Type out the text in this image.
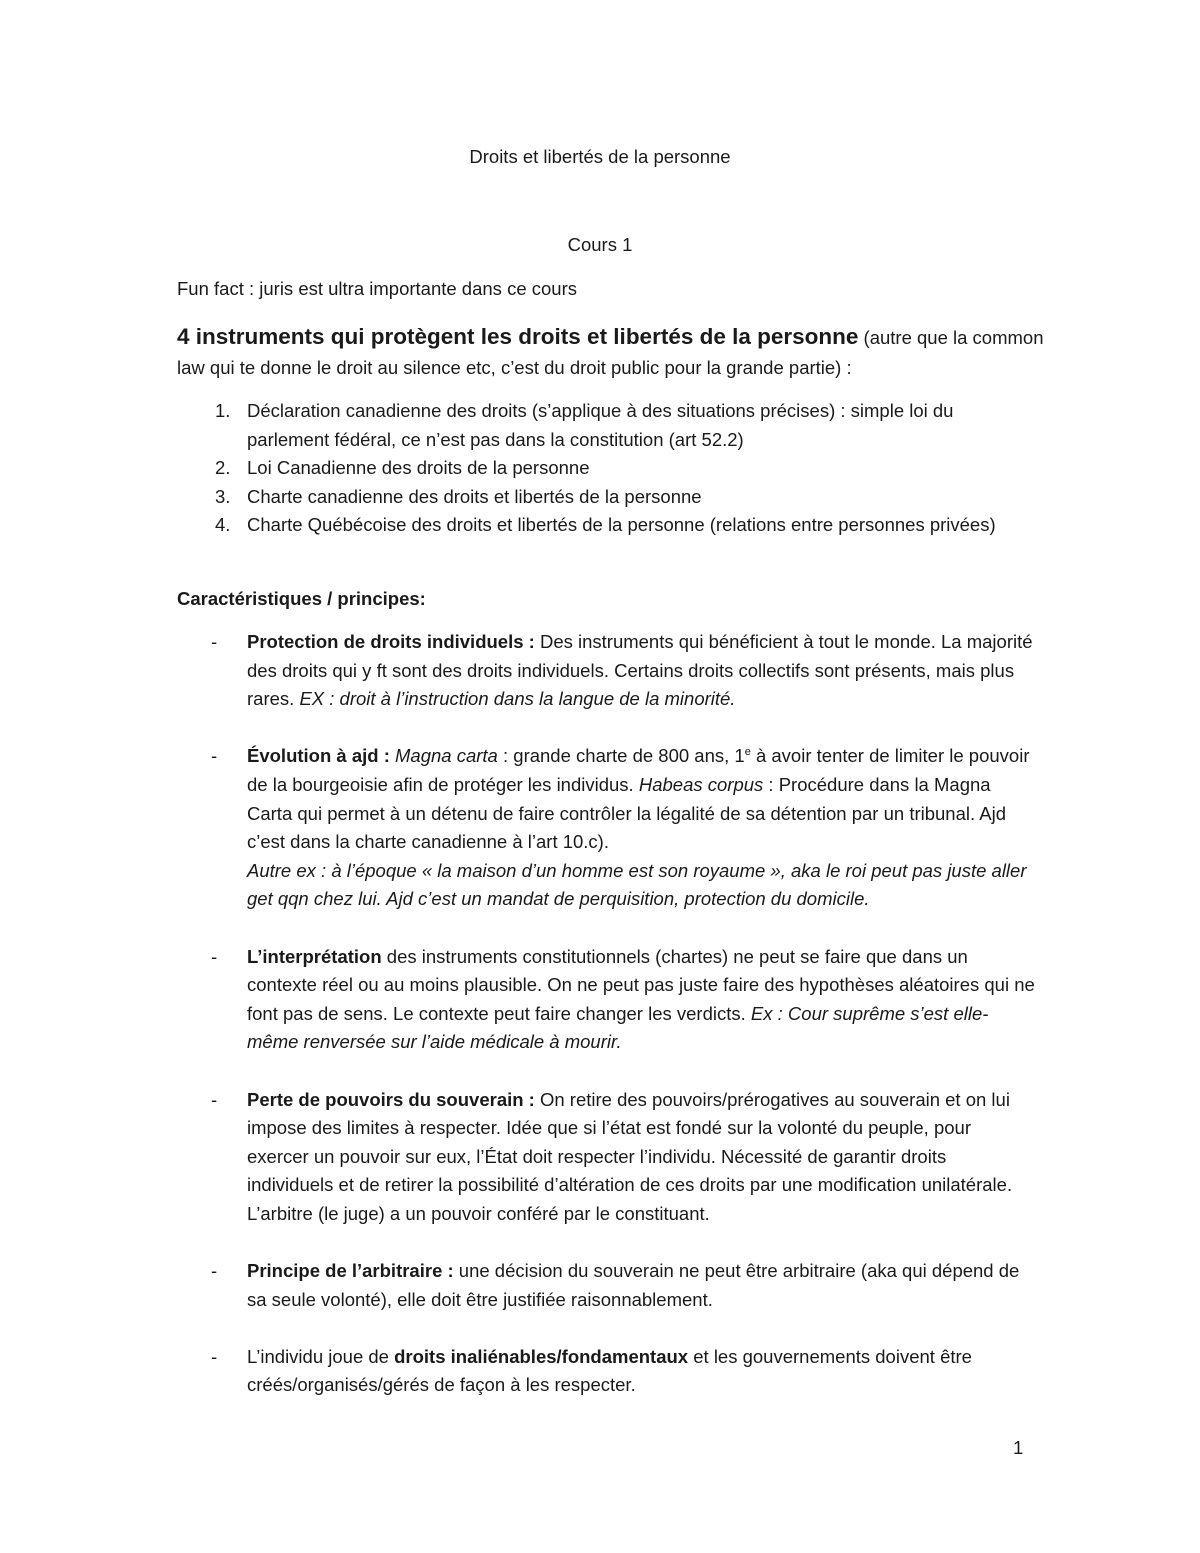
Droits et libertés de la personne
Cours 1
Fun fact : juris est ultra importante dans ce cours
4 instruments qui protègent les droits et libertés de la personne (autre que la common law qui te donne le droit au silence etc, c’est du droit public pour la grande partie) :
1. Déclaration canadienne des droits (s’applique à des situations précises) : simple loi du parlement fédéral, ce n’est pas dans la constitution (art 52.2)
2. Loi Canadienne des droits de la personne
3. Charte canadienne des droits et libertés de la personne
4. Charte Québécoise des droits et libertés de la personne (relations entre personnes privées)
Caractéristiques / principes:
- Protection de droits individuels : Des instruments qui bénéficient à tout le monde. La majorité des droits qui y ft sont des droits individuels. Certains droits collectifs sont présents, mais plus rares. EX : droit à l’instruction dans la langue de la minorité.
- Évolution à ajd : Magna carta : grande charte de 800 ans, 1e à avoir tenter de limiter le pouvoir de la bourgeoisie afin de protéger les individus. Habeas corpus : Procédure dans la Magna Carta qui permet à un détenu de faire contrôler la légalité de sa détention par un tribunal. Ajd c’est dans la charte canadienne à l’art 10.c).
Autre ex : à l’époque « la maison d’un homme est son royaume », aka le roi peut pas juste aller get qqn chez lui. Ajd c’est un mandat de perquisition, protection du domicile.
- L’interprétation des instruments constitutionnels (chartes) ne peut se faire que dans un contexte réel ou au moins plausible. On ne peut pas juste faire des hypothèses aléatoires qui ne font pas de sens. Le contexte peut faire changer les verdicts. Ex : Cour suprême s’est elle-même renversée sur l’aide médicale à mourir.
- Perte de pouvoirs du souverain : On retire des pouvoirs/prérogatives au souverain et on lui impose des limites à respecter. Idée que si l’état est fondé sur la volonté du peuple, pour exercer un pouvoir sur eux, l’État doit respecter l’individu. Nécessité de garantir droits individuels et de retirer la possibilité d’altération de ces droits par une modification unilatérale. L’arbitre (le juge) a un pouvoir conféré par le constituant.
- Principe de l’arbitraire : une décision du souverain ne peut être arbitraire (aka qui dépend de sa seule volonté), elle doit être justifiée raisonnablement.
- L’individu joue de droits inaliénables/fondamentaux et les gouvernements doivent être créés/organisés/gérés de façon à les respecter.
1
